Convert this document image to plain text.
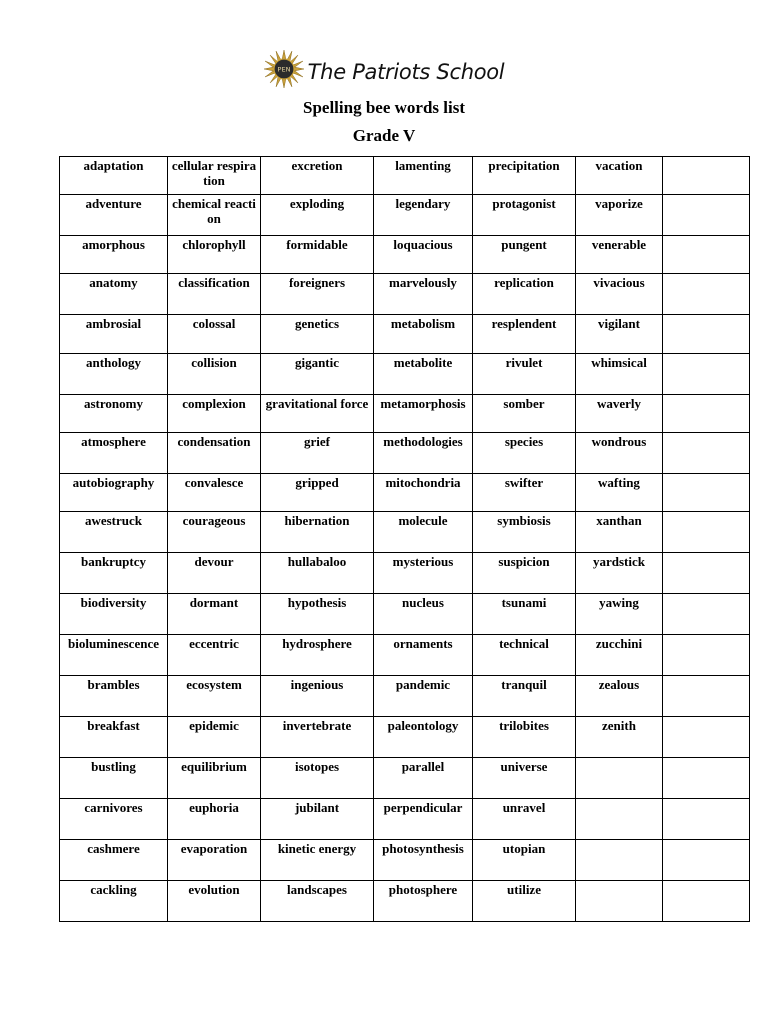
PEN The Patriots School
Spelling bee words list
Grade V
adaptation	cellular respiration	excretion	lamenting	precipitation	vacation	
adventure	chemical reaction	exploding	legendary	protagonist	vaporize	
amorphous	chlorophyll	formidable	loquacious	pungent	venerable	
anatomy	classification	foreigners	marvelously	replication	vivacious	
ambrosial	colossal	genetics	metabolism	resplendent	vigilant	
anthology	collision	gigantic	metabolite	rivulet	whimsical	
astronomy	complexion	gravitational force	metamorphosis	somber	waverly	
atmosphere	condensation	grief	methodologies	species	wondrous	
autobiography	convalesce	gripped	mitochondria	swifter	wafting	
awestruck	courageous	hibernation	molecule	symbiosis	xanthan	
bankruptcy	devour	hullabaloo	mysterious	suspicion	yardstick	
biodiversity	dormant	hypothesis	nucleus	tsunami	yawing	
bioluminescence	eccentric	hydrosphere	ornaments	technical	zucchini	
brambles	ecosystem	ingenious	pandemic	tranquil	zealous	
breakfast	epidemic	invertebrate	paleontology	trilobites	zenith	
bustling	equilibrium	isotopes	parallel	universe		
carnivores	euphoria	jubilant	perpendicular	unravel		
cashmere	evaporation	kinetic energy	photosynthesis	utopian		
cackling	evolution	landscapes	photosphere	utilize		
